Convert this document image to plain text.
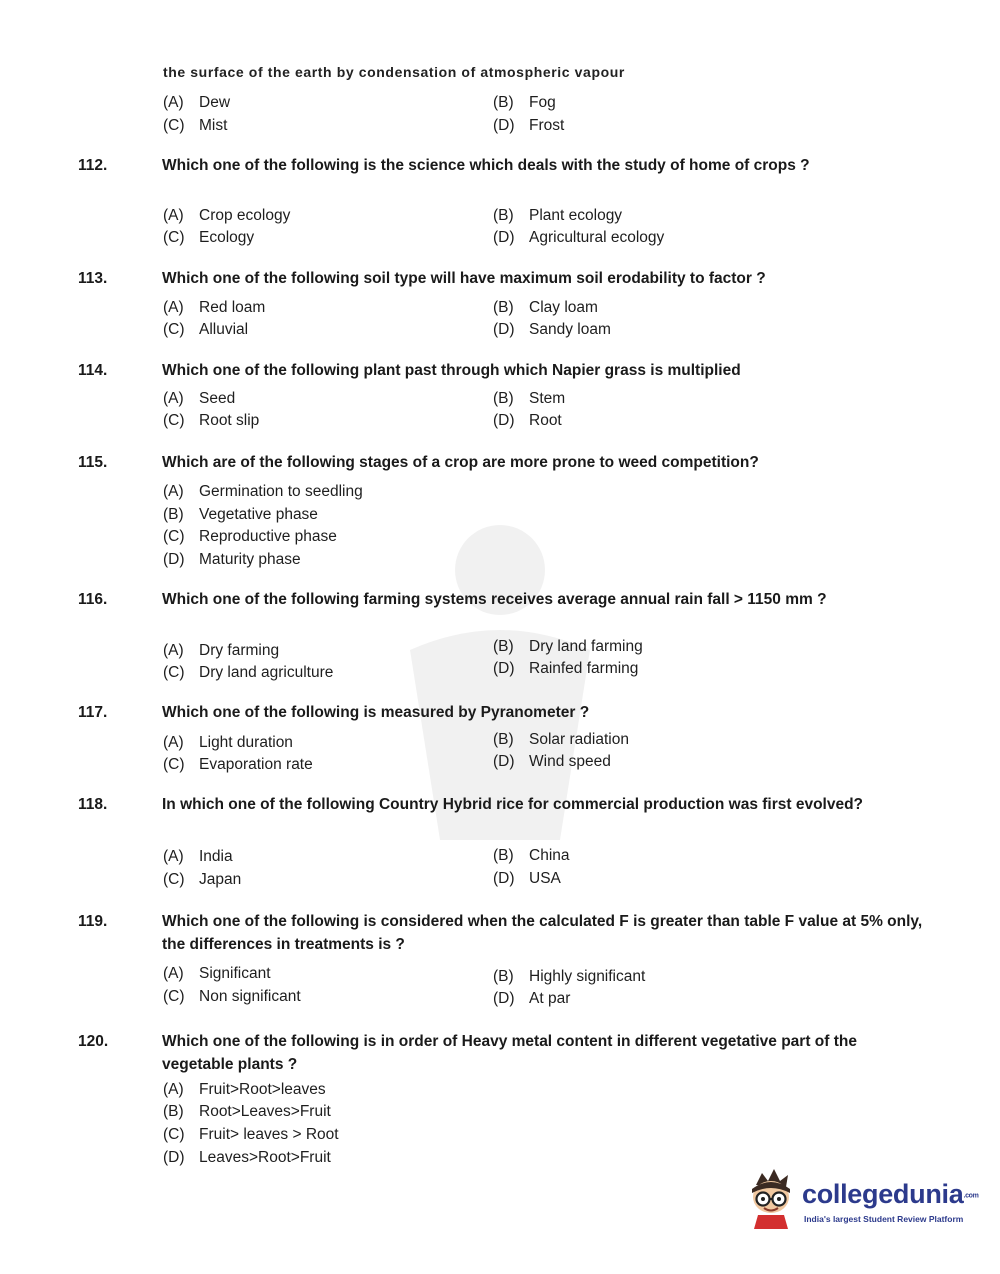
the surface of the earth by condensation of atmospheric vapour
(A) Dew	(B) Fog
(C) Mist	(D) Frost
112.	Which one of the following is the science which deals with the study of home of crops ?
(A) Crop ecology	(B) Plant ecology
(C) Ecology	(D) Agricultural ecology
113.	Which one of the following soil type will have maximum soil erodability to factor ?
(A) Red loam	(B) Clay loam
(C) Alluvial	(D) Sandy loam
114.	Which one of the following plant past through which Napier grass is multiplied
(A) Seed	(B) Stem
(C) Root slip	(D) Root
115.	Which are of the following stages of a crop are more prone to weed competition?
(A) Germination to seedling
(B) Vegetative phase
(C) Reproductive phase
(D) Maturity phase
116.	Which one of the following farming systems receives average annual rain fall > 1150 mm ?
(A) Dry farming	(B) Dry land farming
(C) Dry land agriculture	(D) Rainfed farming
117.	Which one of the following is measured by Pyranometer ?
(A) Light duration	(B) Solar radiation
(C) Evaporation rate	(D) Wind speed
118.	In which one of the following Country Hybrid rice for commercial production was first evolved?
(A) India	(B) China
(C) Japan	(D) USA
119.	Which one of the following is considered when the calculated F is greater than table F value at 5% only, the differences in treatments is ?
(A) Significant	(B) Highly significant
(C) Non significant	(D) At par
120.	Which one of the following is in order of Heavy metal content in different vegetative part of the vegetable plants ?
(A) Fruit>Root>leaves
(B) Root>Leaves>Fruit
(C) Fruit> leaves > Root
(D) Leaves>Root>Fruit
collegedunia.com
India's largest Student Review Platform
